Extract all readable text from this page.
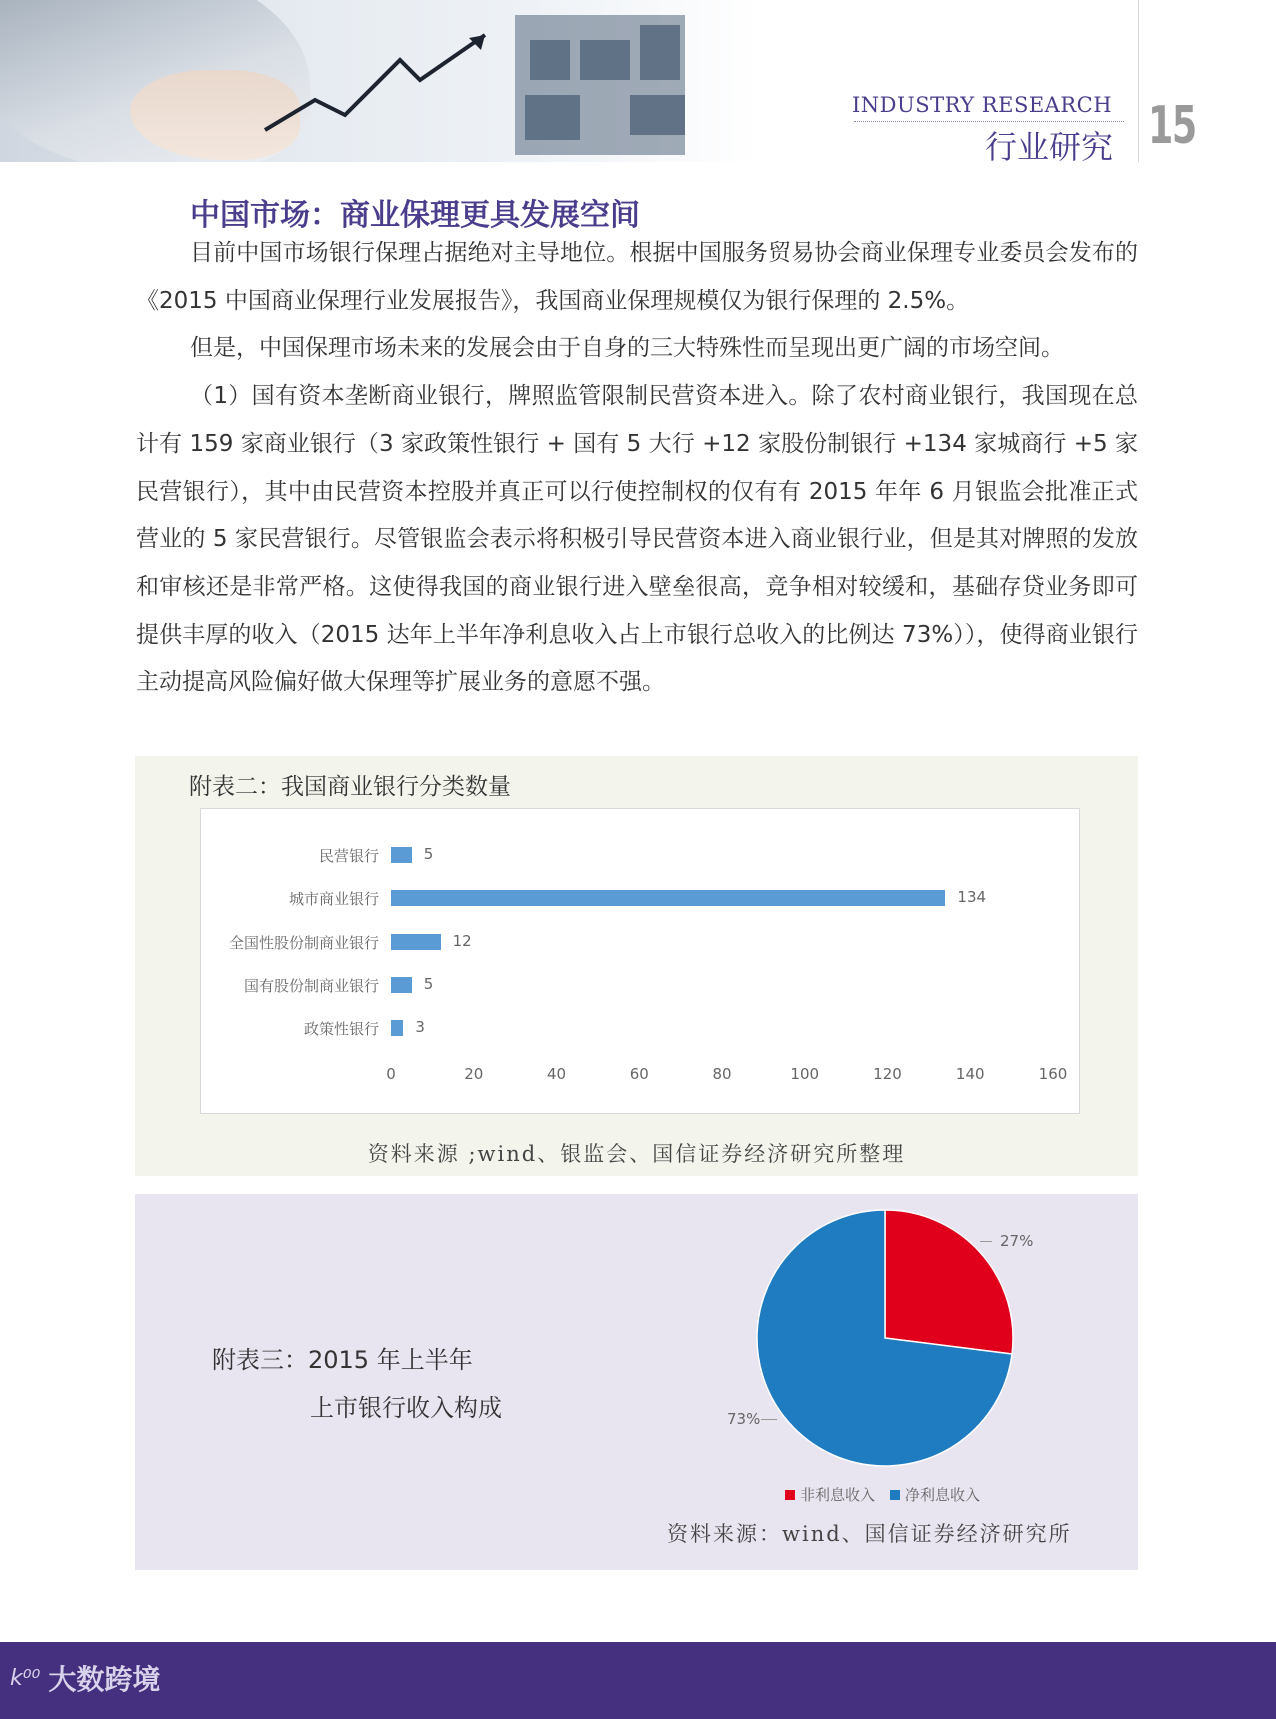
INDUSTRY RESEARCH
行业研究 15
中国市场：商业保理更具发展空间

目前中国市场银行保理占据绝对主导地位。根据中国服务贸易协会商业保理专业委员会发布的《2015 中国商业保理行业发展报告》，我国商业保理规模仅为银行保理的 2.5%。

但是，中国保理市场未来的发展会由于自身的三大特殊性而呈现出更广阔的市场空间。

（1）国有资本垄断商业银行，牌照监管限制民营资本进入。除了农村商业银行，我国现在总计有 159 家商业银行（3 家政策性银行 + 国有 5 大行 +12 家股份制银行 +134 家城商行 +5 家民营银行），其中由民营资本控股并真正可以行使控制权的仅有有 2015 年年 6 月银监会批准正式营业的 5 家民营银行。尽管银监会表示将积极引导民营资本进入商业银行业，但是其对牌照的发放和审核还是非常严格。这使得我国的商业银行进入壁垒很高，竞争相对较缓和，基础存贷业务即可提供丰厚的收入（2015 达年上半年净利息收入占上市银行总收入的比例达 73%）），使得商业银行主动提高风险偏好做大保理等扩展业务的意愿不强。

附表二：我国商业银行分类数量
民营银行	5
城市商业银行	134
全国性股份制商业银行	12
国有股份制商业银行	5
政策性银行 3
0	20	40	60	80	100	120	140	160
资料来源 ;wind、银监会、国信证券经济研究所整理
附表三：2015 年上半年
上市银行收入构成
27%
73%
非利息收入 净利息收入
资料来源：wind、国信证券经济研究所
k⁰⁰ 大数跨境
